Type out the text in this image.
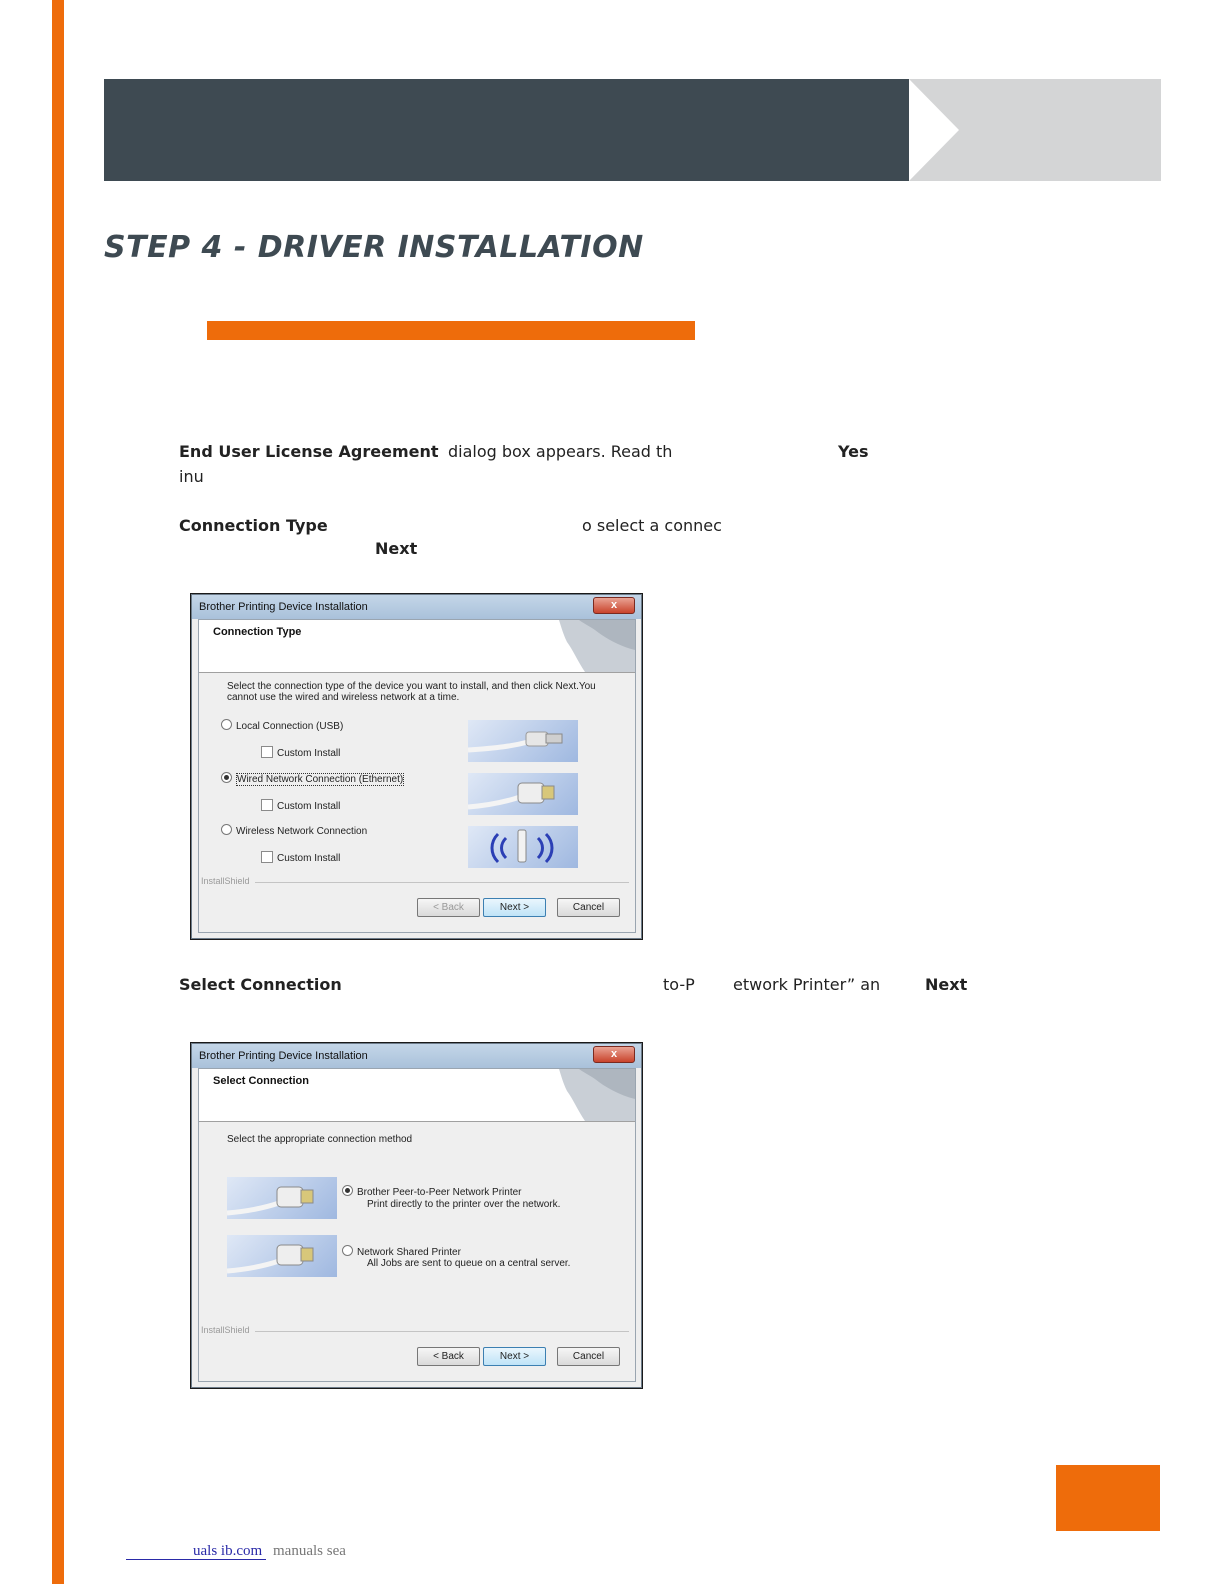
STEP 4 - DRIVER INSTALLATION
End User License Agreement dialog box appears. Read th	Yes
inu
Connection Type	o select a connec
Next
Brother Printing Device Installation	x
Connection Type
Select the connection type of the device you want to install, and then click Next.You cannot use the wired and wireless network at a time.
Local Connection (USB)
Custom Install
Wired Network Connection (Ethernet)
Custom Install
Wireless Network Connection
Custom Install
InstallShield
< Back	Next >	Cancel
Select Connection	to-P etwork Printer” an	Next
Brother Printing Device Installation	x
Select Connection
Select the appropriate connection method
Brother Peer-to-Peer Network Printer
Print directly to the printer over the network.
Network Shared Printer
All Jobs are sent to queue on a central server.
InstallShield
< Back	Next >	Cancel
uals ib.com manuals sea
